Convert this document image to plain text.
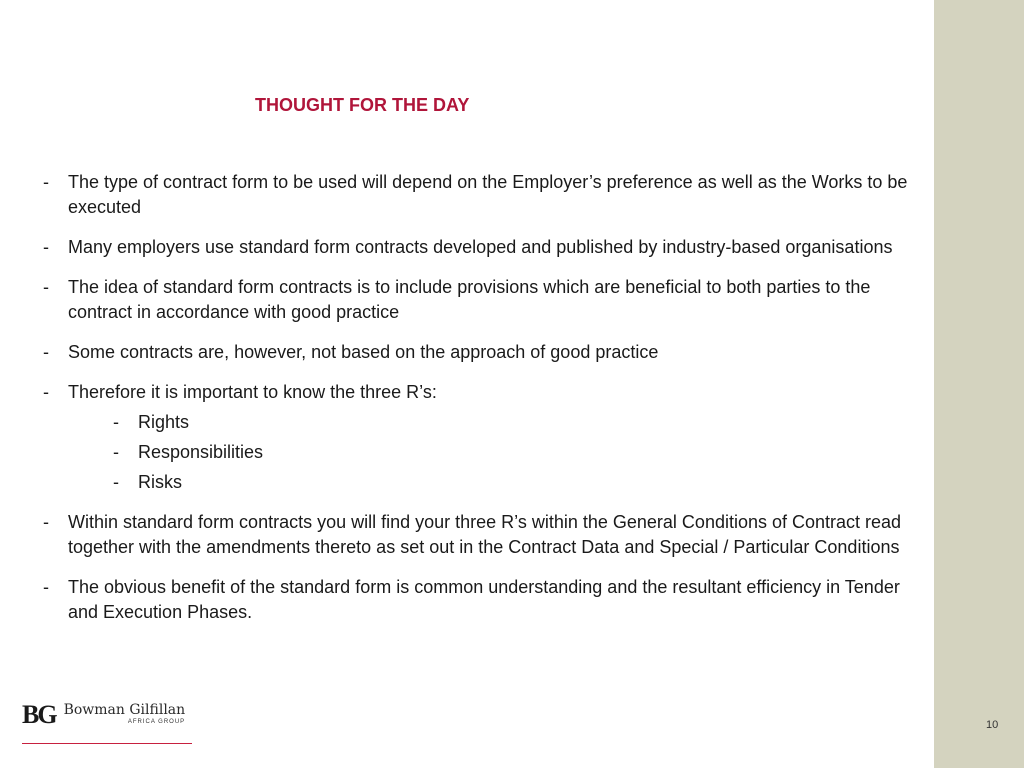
THOUGHT FOR THE DAY
- The type of contract form to be used will depend on the Employer’s preference as well as the Works to be executed
- Many employers use standard form contracts developed and published by industry-based organisations
- The idea of standard form contracts is to include provisions which are beneficial to both parties to the contract in accordance with good practice
- Some contracts are, however, not based on the approach of good practice
- Therefore it is important to know the three R’s:
- Rights
- Responsibilities
- Risks
- Within standard form contracts you will find your three R’s within the General Conditions of Contract read together with the amendments thereto as set out in the Contract Data and Special / Particular Conditions
- The obvious benefit of the standard form is common understanding and the resultant efficiency in Tender and Execution Phases.
BG Bowman Gilfillan
AFRICA GROUP	10
